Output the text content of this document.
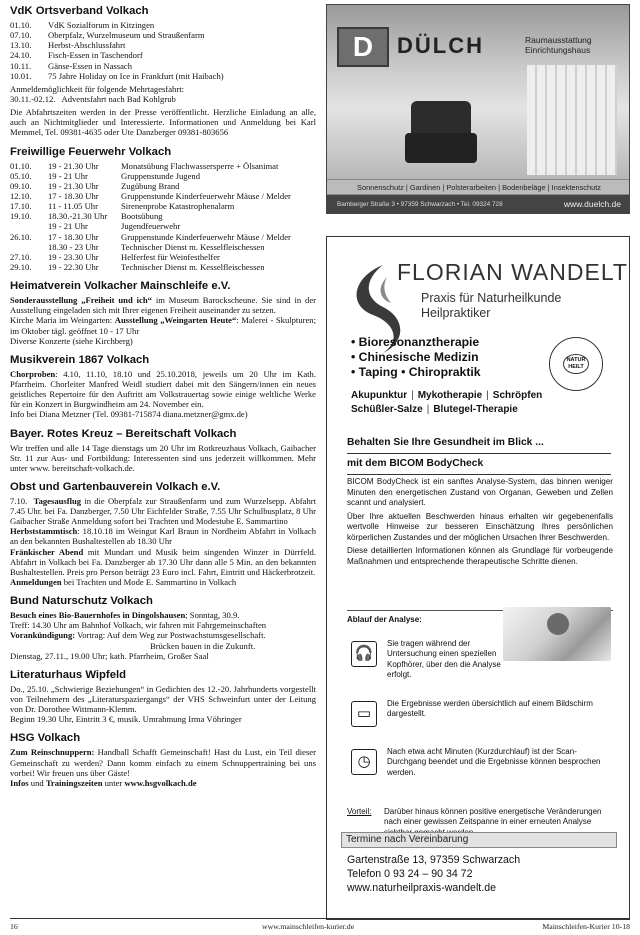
VdK Ortsverband Volkach
01.10.	VdK Sozialforum in Kitzingen
07.10.	Oberpfalz, Wurzelmuseum und Straußenfarm
13.10.	Herbst-Abschlussfahrt
24.10.	Fisch-Essen in Taschendorf
10.11.	Gänse-Essen in Nassach
10.01.	75 Jahre Holiday on Ice in Frankfurt (mit Haibach)

Anmeldemöglichkeit für folgende Mehrtagesfahrt:

30.11.-02.12.   Adventsfahrt nach Bad Kohlgrub

Die Abfahrtszeiten werden in der Presse veröffentlicht. Herzliche Einladung an alle, auch an Nichtmitglieder und Interessierte. Informationen und Anmeldung bei Karl Memmel, Tel. 09381-4635 oder Ute Danzberger 09381-803656

Freiwillige Feuerwehr Volkach
01.10.	19 - 21.30 Uhr	Monatsübung Flachwassersperre + Ölsanimat
05.10.	19 - 21 Uhr	Gruppenstunde Jugend
09.10.	19 - 21.30 Uhr	Zugübung Brand
12.10.	17 - 18.30 Uhr	Gruppenstunde Kinderfeuerwehr Mäuse / Melder
17.10.	11 - 11.05 Uhr	Sirenenprobe Katastrophenalarm
19.10.	18.30.-21.30 Uhr	Bootsübung
19 - 21 Uhr	Jugendfeuerwehr
26.10.	17 - 18.30 Uhr	Gruppenstunde Kinderfeuerwehr Mäuse / Melder
18.30 - 23 Uhr	Technischer Dienst m. Kesselfleischessen
27.10.	19 - 23.30 Uhr	Helferfest für Weinfesthelfer
29.10.	19 - 22.30 Uhr	Technischer Dienst m. Kesselfleischessen
Heimatverein Volkacher Mainschleife e.V.

Sonderausstellung „Freiheit und ich“ im Museum Barockscheune. Sie sind in der Ausstellung eingeladen sich mit Ihrer eigenen Freiheit auseinander zu setzen.

Kirche Maria im Weingarten: Ausstellung „Weingarten Heute“: Malerei - Skulpturen; im Oktober tägl. geöffnet 10 - 17 Uhr

Diverse Konzerte (siehe Kirchberg)

Musikverein 1867 Volkach

Chorproben: 4.10, 11.10, 18.10 und 25.10.2018, jeweils um 20 Uhr im Kath. Pfarrheim. Chorleiter Manfred Weidl studiert dabei mit den Sängern/innen ein neues geistliches Repertoire für den Auftritt am Volkstrauertag sowie einige weltliche Werke für ein Konzert in Burgwindheim am 24. November ein.

Info bei Diana Metzner (Tel. 09381-715874 diana.metzner@gmx.de)

Bayer. Rotes Kreuz – Bereitschaft Volkach

Wir treffen und alle 14 Tage dienstags um 20 Uhr im Rotkreuzhaus Volkach, Gaibacher Str. 11 zur Aus- und Fortbildung: Interessenten sind uns jederzeit willkommen. Mehr unter www. bereitschaft-volkach.de.

Obst und Gartenbauverein Volkach e.V.

7.10.  Tagesausflug in die Oberpfalz zur Straußenfarm und zum Wurzelsepp. Abfahrt 7.45 Uhr. bei Fa. Danzberger, 7.50 Uhr Eichfelder Straße, 7.55 Uhr Schulbusplatz, 8 Uhr Gaibacher Straße Anmeldung sofort bei Trachten und Modestube E. Sammartino

Herbststammtisch: 18.10.18 im Weingut Karl Braun in Nordheim Abfahrt in Volkach an den bekannten Bushaltestellen ab 18.30 Uhr

Fränkischer Abend mit Mundart und Musik beim singenden Winzer in Dürrfeld. Abfahrt in Volkach bei Fa. Danzberger ab 17.30 Uhr dann alle 5 Min. an den bekannten Bushaltestellen. Preis pro Person beträgt 23 Euro incl. Fahrt, Eintritt und Häckerbrotzeit.

Anmeldungen bei Trachten und Mode E. Sammartino in Volkach

Bund Naturschutz Volkach

Besuch eines Bio-Bauernhofes in Dingolshausen; Sonntag, 30.9.

Treff: 14.30 Uhr am Bahnhof Volkach, wir fahren mit Fahrgemeinschaften

Vorankündigung: Vortrag: Auf dem Weg zur Postwachstumsgesellschaft.

Brücken bauen in die Zukunft.

Dienstag, 27.11., 19.00 Uhr; kath. Pfarrheim, Großer Saal

Literaturhaus Wipfeld

Do., 25.10. „Schwierige Beziehungen“ in Gedichten des 12.-20. Jahrhunderts vorgestellt von Teilnehmern des „Literaturspaziergangs“ der VHS Schweinfurt unter der Leitung von Dr. Dorothee Wittmann-Klemm.

Beginn 19.30 Uhr, Eintritt 3 €, musik. Umrahmung Irma Vöhringer

HSG Volkach

Zum Reinschnuppern: Handball Schafft Gemeinschaft! Hast du Lust, ein Teil dieser Gemeinschaft zu werden? Dann komm einfach zu einem Schnuppertraining bei uns vorbei! Wir freuen uns über Gäste!

Infos und Trainingszeiten unter www.hsgvolkach.de

D	DÜLCH	Raumausstattung
Einrichtungshaus
Sonnenschutz | Gardinen | Polsterarbeiten | Bodenbeläge | Insektenschutz
Bamberger Straße 3 • 97359 Schwarzach • Tel. 09324 728	www.duelch.de
FLORIAN WANDELT
Praxis für Naturheilkunde
Heilpraktiker
• Bioresonanztherapie
• Chinesische Medizin
• Taping • Chiropraktik
NATUR HEILT
Akupunktur | Mykotherapie | Schröpfen
Schüßler-Salze | Blutegel-Therapie
Behalten Sie Ihre Gesundheit im Blick ...
mit dem BICOM BodyCheck

BICOM BodyCheck ist ein sanftes Analyse-System, das binnen weniger Minuten den energetischen Zustand von Organan, Geweben und Zellen scannt und analysiert.

Über Ihre aktuellen Beschwerden hinaus erhalten wir gegebenenfalls wertvolle Hinweise zur besseren Einschätzung Ihres persönlichen körperlichen Zustandes und der möglichen Ursachen Ihrer Beschwerden.

Diese detaillierten Informationen können als Grundlage für vorbeugende Maßnahmen und entsprechende therapeutische Schritte dienen.

Ablauf der Analyse:
🎧
Sie tragen während der Untersuchung einen speziellen Kopfhörer, über den die Analyse erfolgt.
▭
Die Ergebnisse werden übersichtlich auf einem Bildschirm dargestellt.
◷
Nach etwa acht Minuten (Kurzdurchlauf) ist der Scan-Durchgang beendet und die Ergebnisse können besprochen werden.
Vorteil: Darüber hinaus können positive energetische Veränderungen nach einer gewissen Zeitspanne in einer erneuten Analyse
Termine nach Vereinbarung
Gartenstraße 13, 97359 Schwarzach
Telefon 0 93 24 – 90 34 72
www.naturheilpraxis-wandelt.de
16	www.mainschleifen-kurier.de	Mainschleifen-Kurier 10-18
